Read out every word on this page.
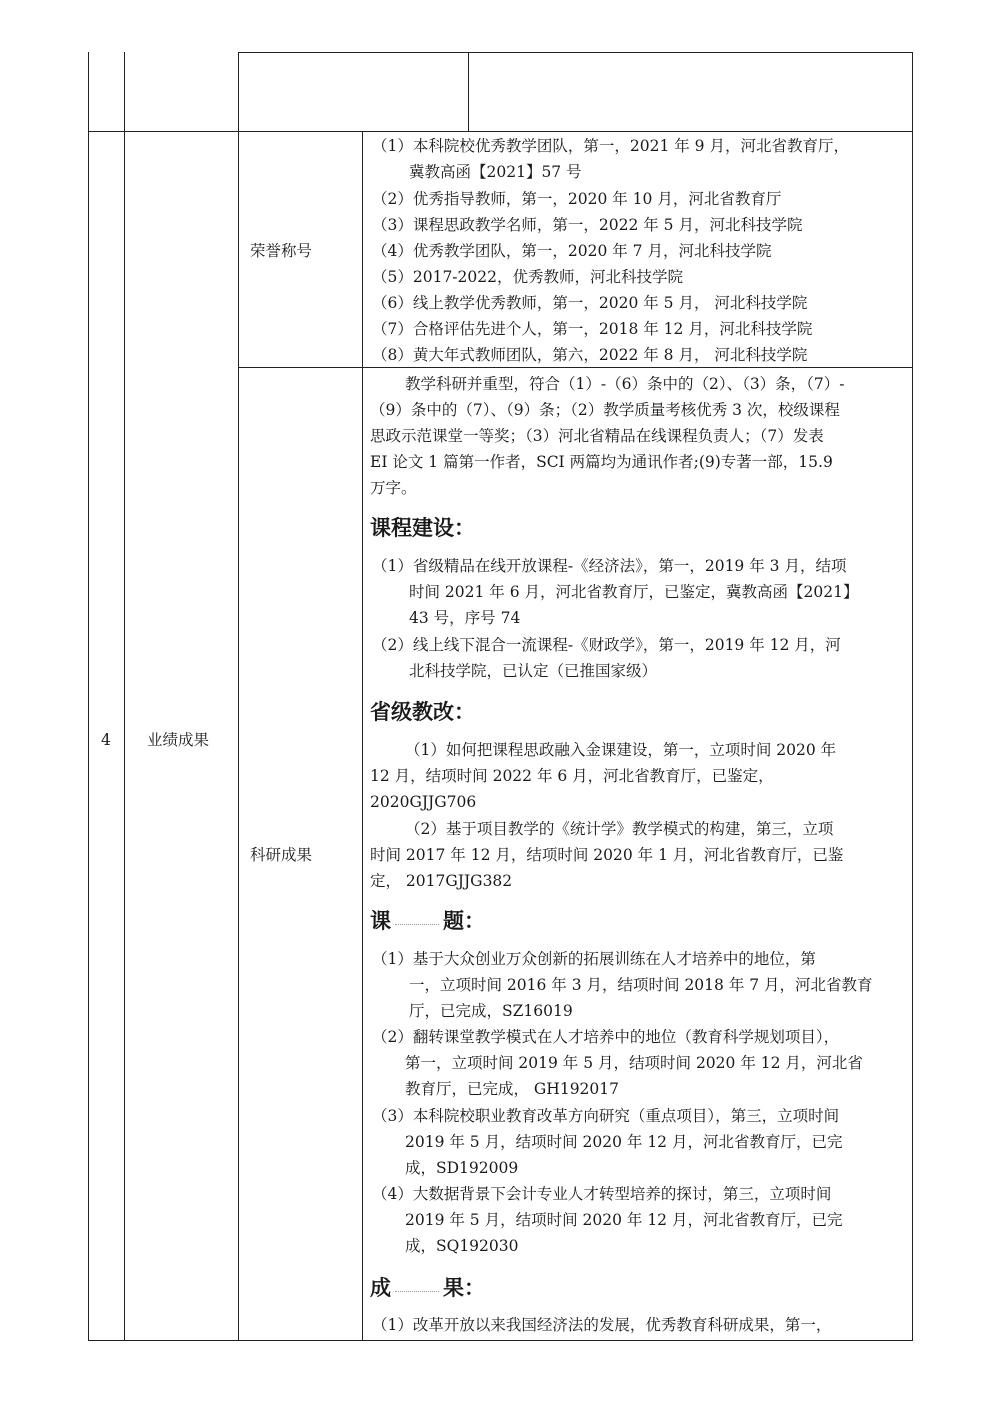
4 业绩成果
荣誉称号
（1）本科院校优秀教学团队，第一，2021 年 9 月，河北省教育厅，
冀教高函【2021】57 号
（2）优秀指导教师，第一，2020 年 10 月，河北省教育厅
（3）课程思政教学名师，第一，2022 年 5 月，河北科技学院
（4）优秀教学团队，第一，2020 年 7 月，河北科技学院
（5）2017-2022，优秀教师，河北科技学院
（6）线上教学优秀教师，第一，2020 年 5 月， 河北科技学院
（7）合格评估先进个人，第一，2018 年 12 月，河北科技学院
（8）黄大年式教师团队，第六，2022 年 8 月， 河北科技学院
科研成果
教学科研并重型，符合（1）-（6）条中的（2）、（3）条，（7）-
（9）条中的（7）、（9）条；（2）教学质量考核优秀 3 次，校级课程
思政示范课堂一等奖；（3）河北省精品在线课程负责人；（7）发表
EI 论文 1 篇第一作者，SCI 两篇均为通讯作者;(9)专著一部，15.9
万字。
课程建设：
（1）省级精品在线开放课程-《经济法》，第一，2019 年 3 月，结项
时间 2021 年 6 月，河北省教育厅，已鉴定，冀教高函【2021】
43 号，序号 74
（2）线上线下混合一流课程-《财政学》，第一，2019 年 12 月，河
北科技学院，已认定（已推国家级）
省级教改：
（1）如何把课程思政融入金课建设，第一，立项时间 2020 年
12 月，结项时间 2022 年 6 月，河北省教育厅，已鉴定，
2020GJJG706
（2）基于项目教学的《统计学》教学模式的构建，第三，立项
时间 2017 年 12 月，结项时间 2020 年 1 月，河北省教育厅，已鉴
定， 2017GJJG382
课 题：
（1）基于大众创业万众创新的拓展训练在人才培养中的地位，第
一，立项时间 2016 年 3 月，结项时间 2018 年 7 月，河北省教育
厅，已完成，SZ16019
（2）翻转课堂教学模式在人才培养中的地位（教育科学规划项目），
第一，立项时间 2019 年 5 月，结项时间 2020 年 12 月，河北省
教育厅，已完成， GH192017
（3）本科院校职业教育改革方向研究（重点项目），第三，立项时间
2019 年 5 月，结项时间 2020 年 12 月，河北省教育厅，已完
成，SD192009
（4）大数据背景下会计专业人才转型培养的探讨，第三，立项时间
2019 年 5 月，结项时间 2020 年 12 月，河北省教育厅，已完
成，SQ192030
成 果：
（1）改革开放以来我国经济法的发展，优秀教育科研成果，第一，
